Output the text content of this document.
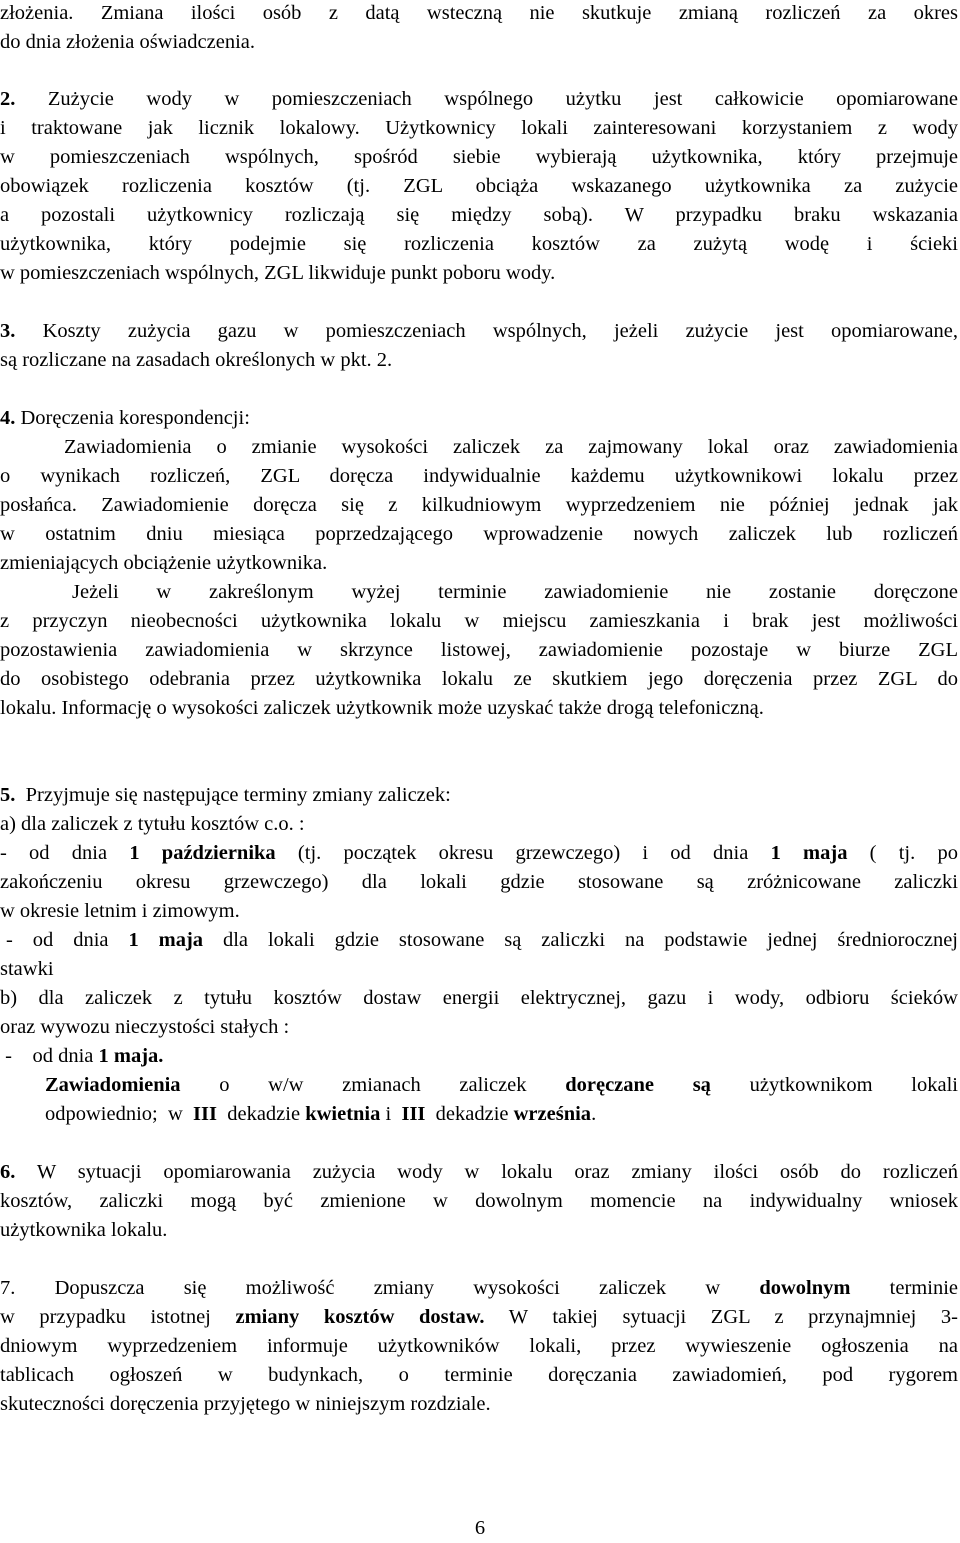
6
złożenia. Zmiana ilości osób z datą wsteczną nie skutkuje zmianą rozliczeń za okres
do dnia złożenia oświadczenia.
2. Zużycie wody w pomieszczeniach wspólnego użytku jest całkowicie opomiarowane
i traktowane jak licznik lokalowy. Użytkownicy lokali zainteresowani korzystaniem z wody
w pomieszczeniach wspólnych, spośród siebie wybierają użytkownika, który przejmuje
obowiązek rozliczenia kosztów (tj. ZGL obciąża wskazanego użytkownika za zużycie
a pozostali użytkownicy rozliczają się między sobą). W przypadku braku wskazania
użytkownika, który podejmie się rozliczenia kosztów za zużytą wodę i ścieki
w pomieszczeniach wspólnych, ZGL likwiduje punkt poboru wody.
3. Koszty zużycia gazu w pomieszczeniach wspólnych, jeżeli zużycie jest opomiarowane,
są rozliczane na zasadach określonych w pkt. 2.
4. Doręczenia korespondencji:
Zawiadomienia o zmianie wysokości zaliczek za zajmowany lokal oraz zawiadomienia
o wynikach rozliczeń, ZGL doręcza indywidualnie każdemu użytkownikowi lokalu przez
posłańca. Zawiadomienie doręcza się z kilkudniowym wyprzedzeniem nie później jednak jak
w ostatnim dniu miesiąca poprzedzającego wprowadzenie nowych zaliczek lub rozliczeń
zmieniających obciążenie użytkownika.
Jeżeli w zakreślonym wyżej terminie zawiadomienie nie zostanie doręczone
z przyczyn nieobecności użytkownika lokalu w miejscu zamieszkania i brak jest możliwości
pozostawienia zawiadomienia w skrzynce listowej, zawiadomienie pozostaje w biurze ZGL
do osobistego odebrania przez użytkownika lokalu ze skutkiem jego doręczenia przez ZGL do
lokalu. Informację o wysokości zaliczek użytkownik może uzyskać także drogą telefoniczną.
5.  Przyjmuje się następujące terminy zmiany zaliczek:
a) dla zaliczek z tytułu kosztów c.o. :
- od dnia 1 października (tj. początek okresu grzewczego) i od dnia 1 maja ( tj. po
zakończeniu okresu grzewczego) dla lokali gdzie stosowane są zróżnicowane zaliczki
w okresie letnim i zimowym.
- od dnia 1 maja dla lokali gdzie stosowane są zaliczki na podstawie jednej średniorocznej
stawki
b) dla zaliczek z tytułu kosztów dostaw energii elektrycznej, gazu i wody, odbioru ścieków
oraz wywozu nieczystości stałych :
-    od dnia 1 maja.
Zawiadomienia o w/w zmianach zaliczek doręczane są użytkownikom lokali
odpowiednio;  w  III  dekadzie kwietnia i  III  dekadzie września.
6. W sytuacji opomiarowania zużycia wody w lokalu oraz zmiany ilości osób do rozliczeń
kosztów, zaliczki mogą być zmienione w dowolnym momencie na indywidualny wniosek
użytkownika lokalu.
7. Dopuszcza się możliwość zmiany wysokości zaliczek w dowolnym terminie
w przypadku istotnej zmiany kosztów dostaw. W takiej sytuacji ZGL z przynajmniej 3-
dniowym wyprzedzeniem informuje użytkowników lokali, przez wywieszenie ogłoszenia na
tablicach ogłoszeń w budynkach, o terminie doręczania zawiadomień, pod rygorem
skuteczności doręczenia przyjętego w niniejszym rozdziale.
